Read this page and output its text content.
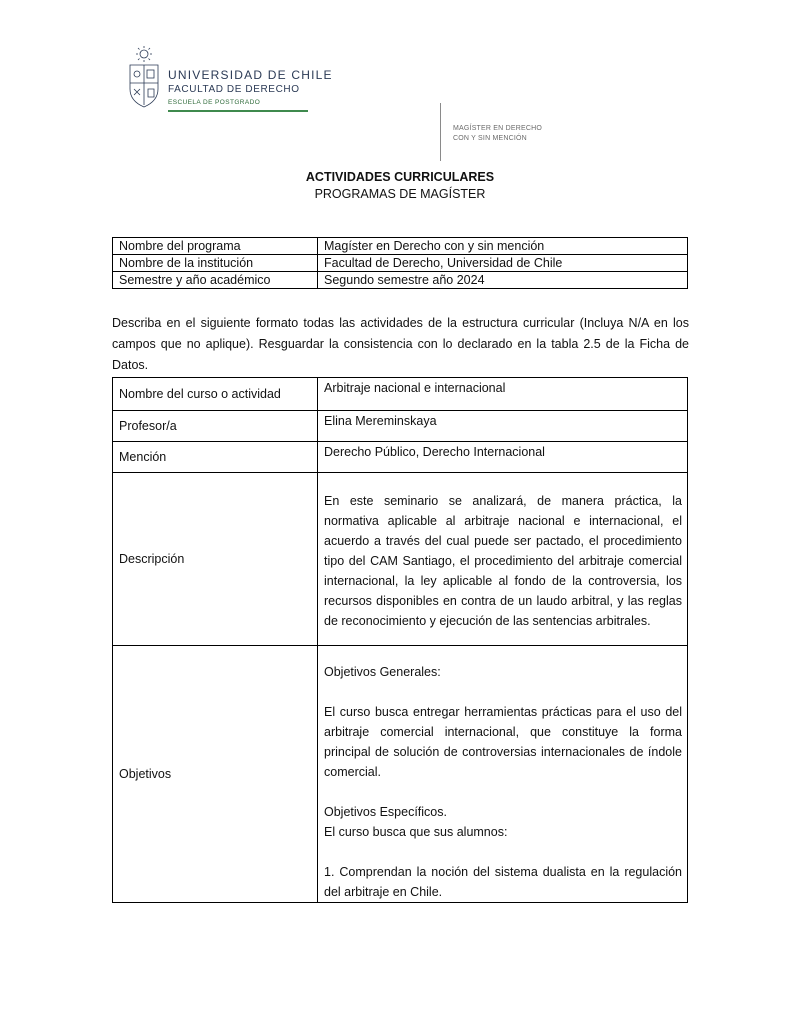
UNIVERSIDAD DE CHILE
FACULTAD DE DERECHO
ESCUELA DE POSTGRADO
MAGÍSTER EN DERECHO
CON Y SIN MENCIÓN
ACTIVIDADES CURRICULARES
PROGRAMAS DE MAGÍSTER
Nombre del programa	Magíster en Derecho con y sin mención
Nombre de la institución	Facultad de Derecho, Universidad de Chile
Semestre y año académico	Segundo semestre año 2024
Describa en el siguiente formato todas las actividades de la estructura curricular (Incluya N/A en los campos que no aplique). Resguardar la consistencia con lo declarado en la tabla 2.5 de la Ficha de Datos.
Nombre del curso o actividad	Arbitraje nacional e internacional
Profesor/a	Elina Mereminskaya
Mención	Derecho Público, Derecho Internacional
Descripción	En este seminario se analizará, de manera práctica, la normativa aplicable al arbitraje nacional e internacional, el acuerdo a través del cual puede ser pactado, el procedimiento tipo del CAM Santiago, el procedimiento del arbitraje comercial internacional, la ley aplicable al fondo de la controversia, los recursos disponibles en contra de un laudo arbitral, y las reglas de reconocimiento y ejecución de las sentencias arbitrales.
Objetivos	Objetivos Generales:

El curso busca entregar herramientas prácticas para el uso del arbitraje comercial internacional, que constituye la forma principal de solución de controversias internacionales de índole comercial.

Objetivos Específicos.

El curso busca que sus alumnos:

1. Comprendan la noción del sistema dualista en la regulación del arbitraje en Chile.
